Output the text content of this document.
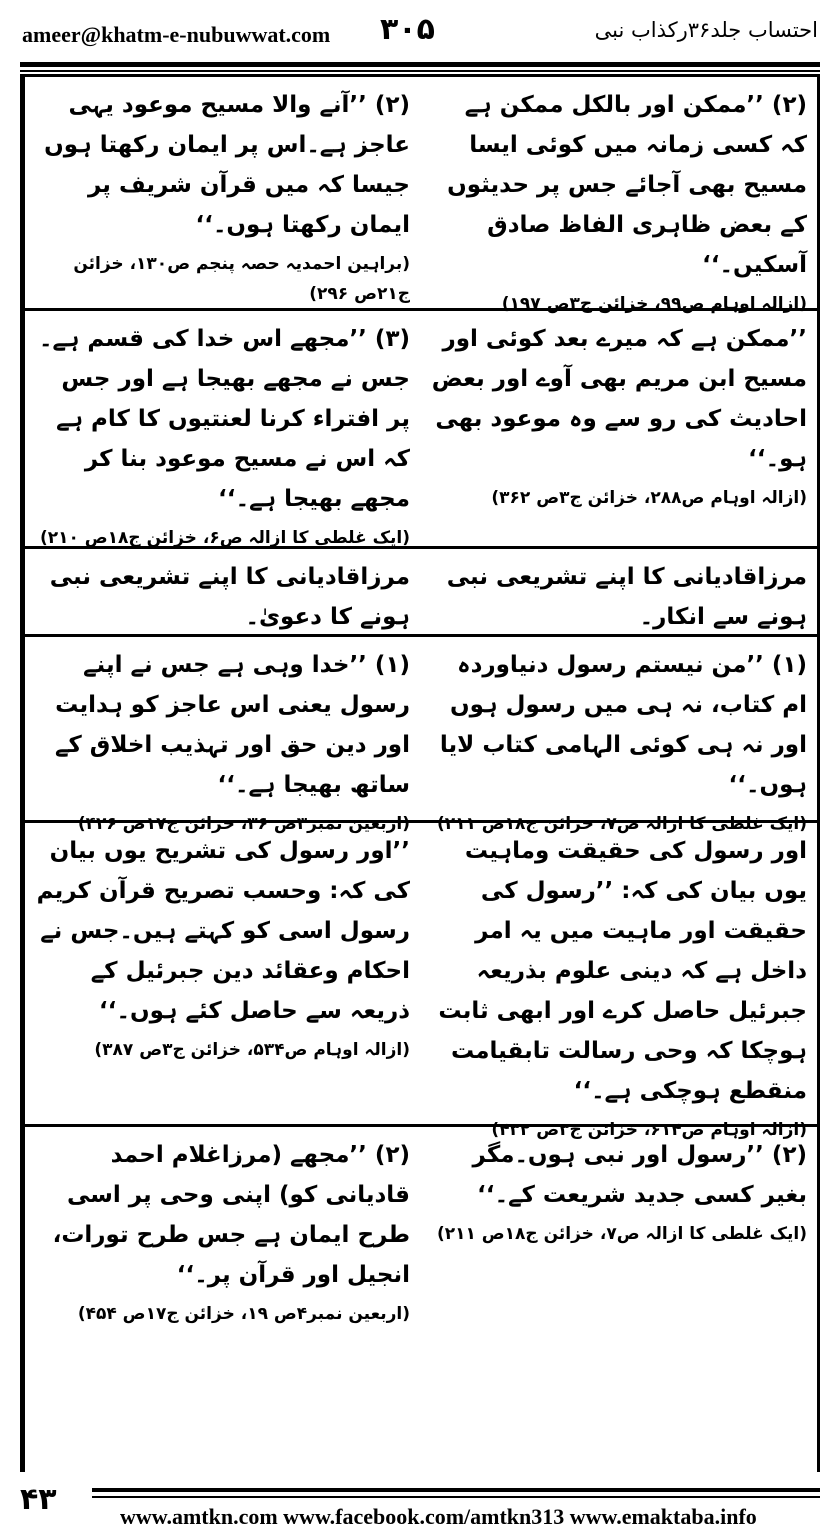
ameer@khatm-e-nubuwwat.com ۳۰۵	احتساب جلد۳۶رکذاب نبی

(۲) ’’آنے والا مسیح موعود یہی عاجز ہے۔اس پر ایمان رکھتا ہوں جیسا کہ میں قرآن شریف پر ایمان رکھتا ہوں۔‘‘

(براہین احمدیہ حصہ پنجم ص۱۳۰، خزائن ج۲۱ص ۲۹۶)

(۲) ’’ممکن اور بالکل ممکن ہے کہ کسی زمانہ میں کوئی ایسا مسیح بھی آجائے جس پر حدیثوں کے بعض ظاہری الفاظ صادق آسکیں۔‘‘

(ازالہ اوہام ص۹۹، خزائن ج۳ص ۱۹۷)

(۳) ’’مجھے اس خدا کی قسم ہے۔جس نے مجھے بھیجا ہے اور جس پر افتراء کرنا لعنتیوں کا کام ہے کہ اس نے مسیح موعود بنا کر مجھے بھیجا ہے۔‘‘

(ایک غلطی کا ازالہ ص۶، خزائن ج۱۸ص ۲۱۰)

’’ممکن ہے کہ میرے بعد کوئی اور مسیح ابن مریم بھی آوے اور بعض احادیث کی رو سے وہ موعود بھی ہو۔‘‘

(ازالہ اوہام ص۲۸۸، خزائن ج۳ص ۳۶۲)

مرزاقادیانی کا اپنے تشریعی نبی ہونے کا دعویٰ۔

مرزاقادیانی کا اپنے تشریعی نبی ہونے سے انکار۔

(۱) ’’خدا وہی ہے جس نے اپنے رسول یعنی اس عاجز کو ہدایت اور دین حق اور تہذیب اخلاق کے ساتھ بھیجا ہے۔‘‘

(اربعین نمبر۳ص ۳۶، خزائن ج۱۷ص ۴۲۶)

(۱) ’’من نیستم رسول دنیاوردہ ام کتاب، نہ ہی میں رسول ہوں اور نہ ہی کوئی الہامی کتاب لایا ہوں۔‘‘

(ایک غلطی کا ازالہ ص۷، خزائن ج۱۸ص ۲۱۱)

’’اور رسول کی تشریح یوں بیان کی کہ: وحسب تصریح قرآن کریم رسول اسی کو کہتے ہیں۔جس نے احکام وعقائد دین جبرئیل کے ذریعہ سے حاصل کئے ہوں۔‘‘

(ازالہ اوہام ص۵۳۴، خزائن ج۳ص ۳۸۷)

اور رسول کی حقیقت وماہیت یوں بیان کی کہ: ’’رسول کی حقیقت اور ماہیت میں یہ امر داخل ہے کہ دینی علوم بذریعہ جبرئیل حاصل کرے اور ابھی ثابت ہوچکا کہ وحی رسالت تابقیامت منقطع ہوچکی ہے۔‘‘

(ازالہ اوہام ص۶۱۴، خزائن ج۳ص ۴۳۲)

(۲) ’’مجھے (مرزاغلام احمد قادیانی کو) اپنی وحی پر اسی طرح ایمان ہے جس طرح تورات، انجیل اور قرآن پر۔‘‘

(اربعین نمبر۴ص ۱۹، خزائن ج۱۷ص ۴۵۴)

(۲) ’’رسول اور نبی ہوں۔مگر بغیر کسی جدید شریعت کے۔‘‘

(ایک غلطی کا ازالہ ص۷، خزائن ج۱۸ص ۲۱۱)

۴۳	www.amtkn.com www.facebook.com/amtkn313 www.emaktaba.info
